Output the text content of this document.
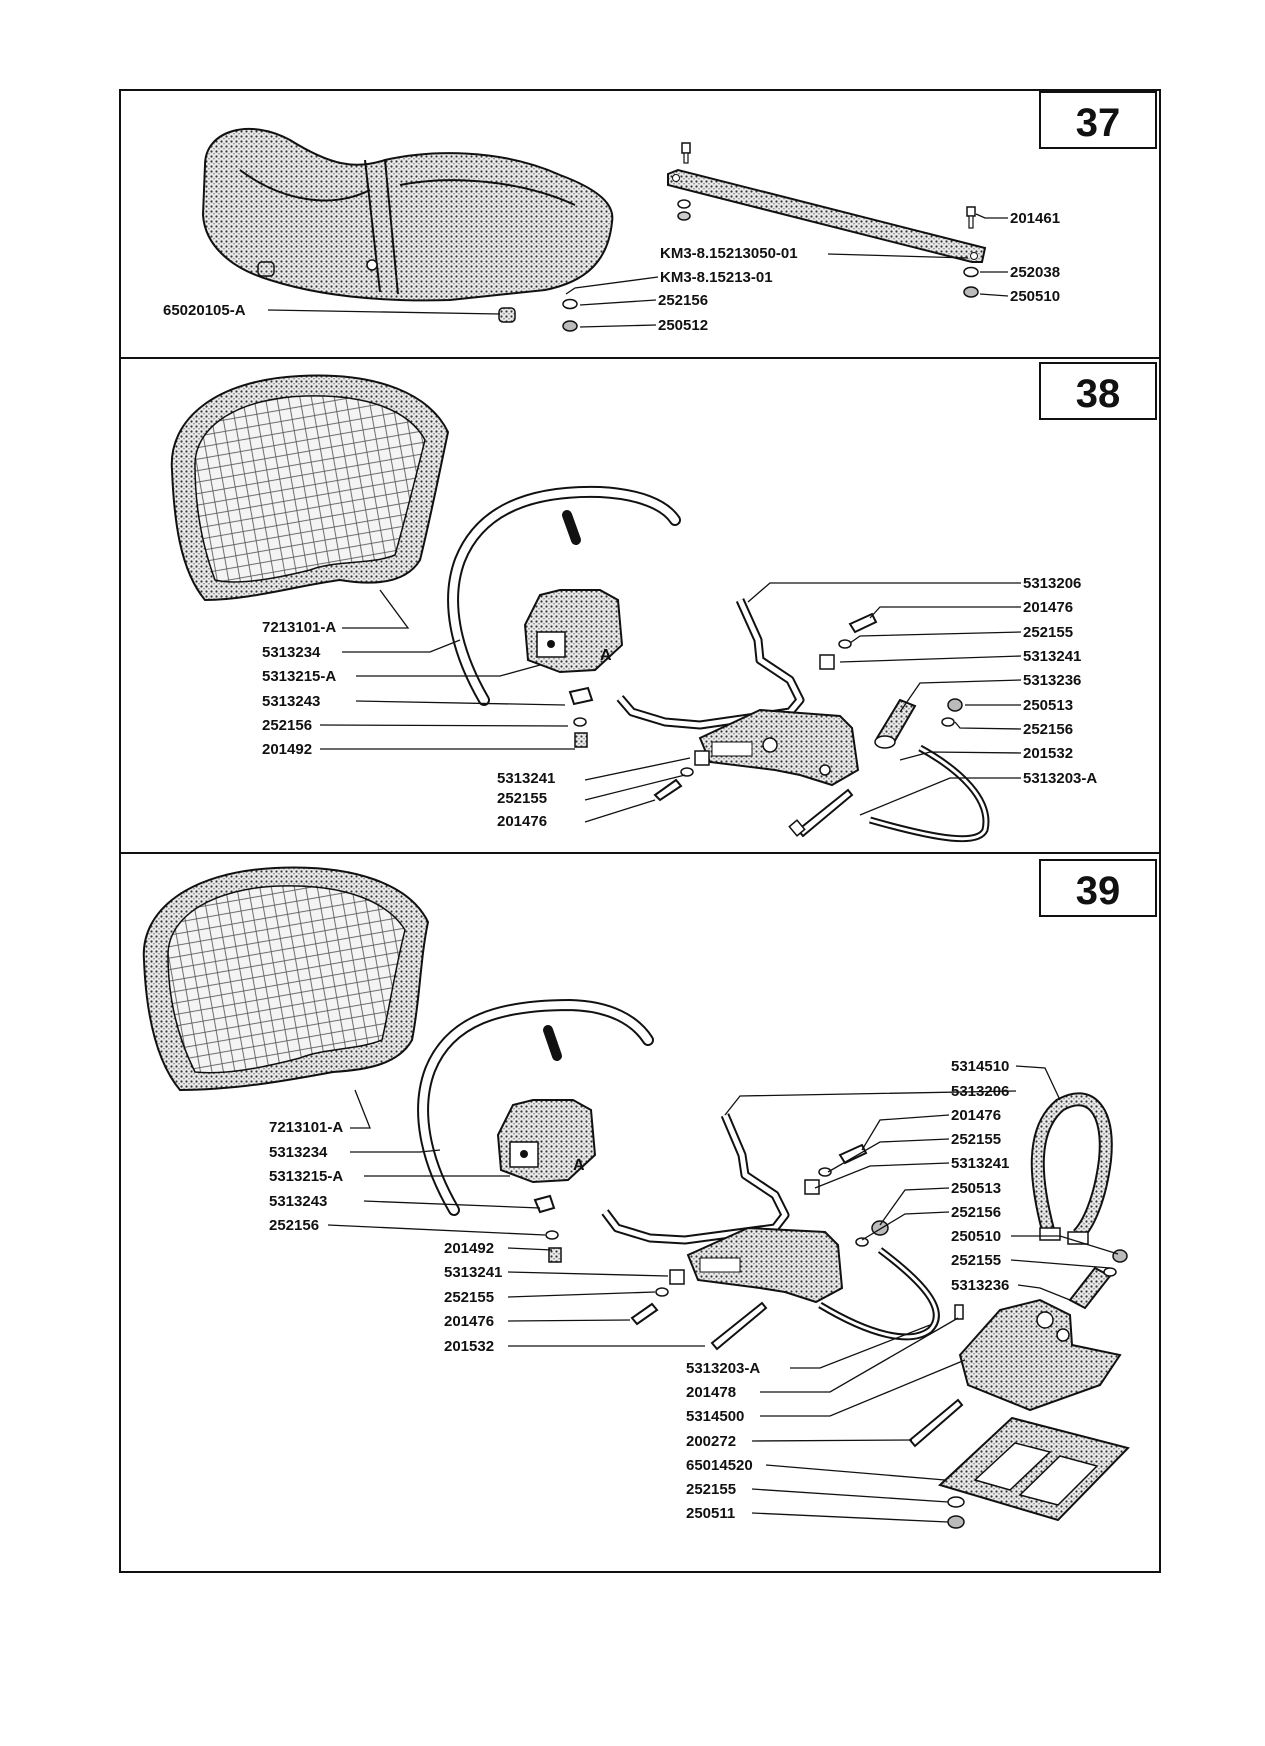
37
38
39
A
A
201461
KM3-8.15213050-01
KM3-8.15213-01	252038
250510
65020105-A
252156
250512
5313206
201476
252155
5313241
5313236
250513
252156
201532
5313203-A
7213101-A
5313234
5313215-A
5313243
252156
201492
5313241
252155
201476
5314510
5313206
201476
252155
5313241
250513
252156
250510
252155
5313236
7213101-A
5313234
5313215-A
5313243
252156
201492
5313241
252155
201476
201532
5313203-A
201478
5314500
200272
65014520
252155
250511
